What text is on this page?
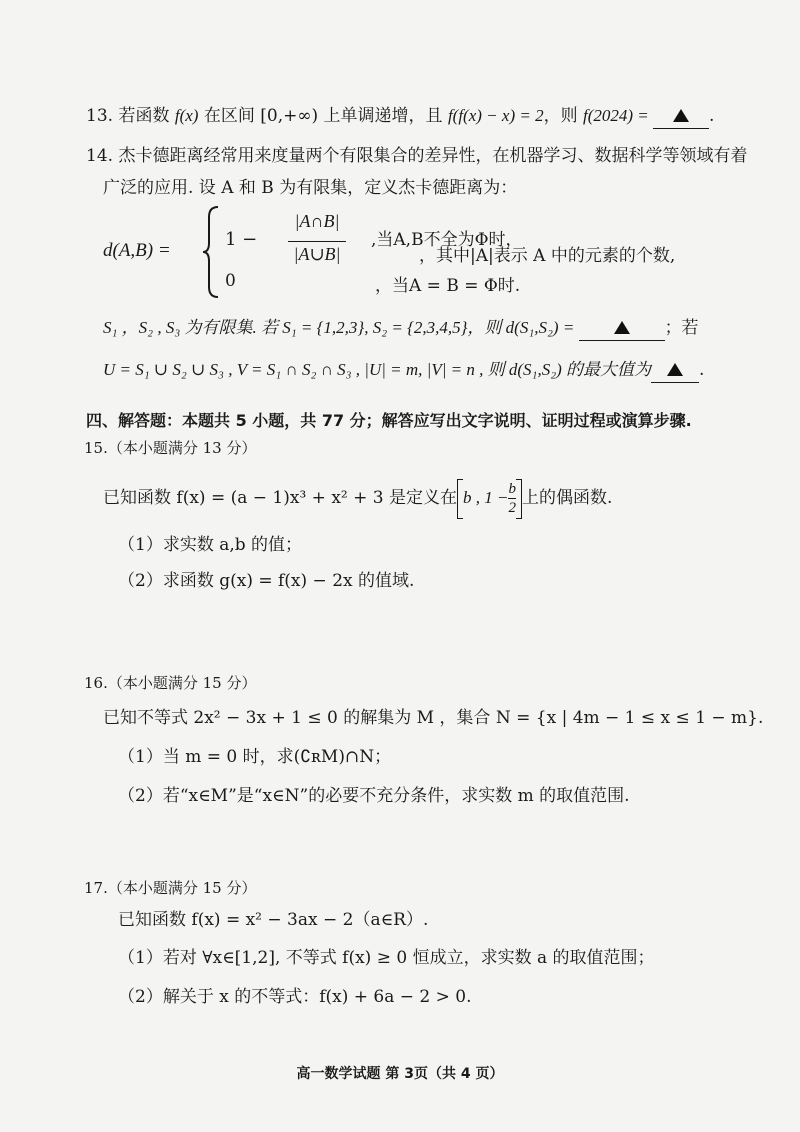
13. 若函数 f(x) 在区间 [0,+∞) 上单调递增，且 f(f(x) − x) = 2，则 f(2024) =	.
14. 杰卡德距离经常用来度量两个有限集合的差异性，在机器学习、数据科学等领域有着
广泛的应用. 设 A 和 B 为有限集，定义杰卡德距离为：
d(A,B) =
1 −
|A∩B|
|A∪B|
,当A,B不全为Φ时，
0	，当A = B = Φ时.
，其中|A|表示 A 中的元素的个数,
S₁ ，S₂ , S₃ 为有限集. 若 S₁ = {1,2,3}, S₂ = {2,3,4,5}，则 d(S₁,S₂) =	；若
U = S₁ ∪ S₂ ∪ S₃ , V = S₁ ∩ S₂ ∩ S₃ , |U| = m, |V| = n , 则 d(S₁,S₂) 的最大值为	.
四、解答题：本题共 5 小题，共 77 分；解答应写出文字说明、证明过程或演算步骤.
15.（本小题满分 13 分）
已知函数 f(x) = (a − 1)x³ + x² + 3 是定义在 b , $1 - \frac{b}{2}$ 上的偶函数.
（1）求实数 a,b 的值；
（2）求函数 g(x) = f(x) − 2x 的值域.
16.（本小题满分 15 分）
已知不等式 2x² − 3x + 1 ≤ 0 的解集为 M ，集合 N = {x | 4m − 1 ≤ x ≤ 1 − m}.
（1）当 m = 0 时，求(∁ʀM)∩N；
（2）若“x∈M”是“x∈N”的必要不充分条件，求实数 m 的取值范围.
17.（本小题满分 15 分）
已知函数 f(x) = x² − 3ax − 2（a∈R）.
（1）若对 ∀x∈[1,2], 不等式 f(x) ≥ 0 恒成立，求实数 a 的取值范围；
（2）解关于 x 的不等式：f(x) + 6a − 2 > 0.
高一数学试题 第 3页（共 4 页）
